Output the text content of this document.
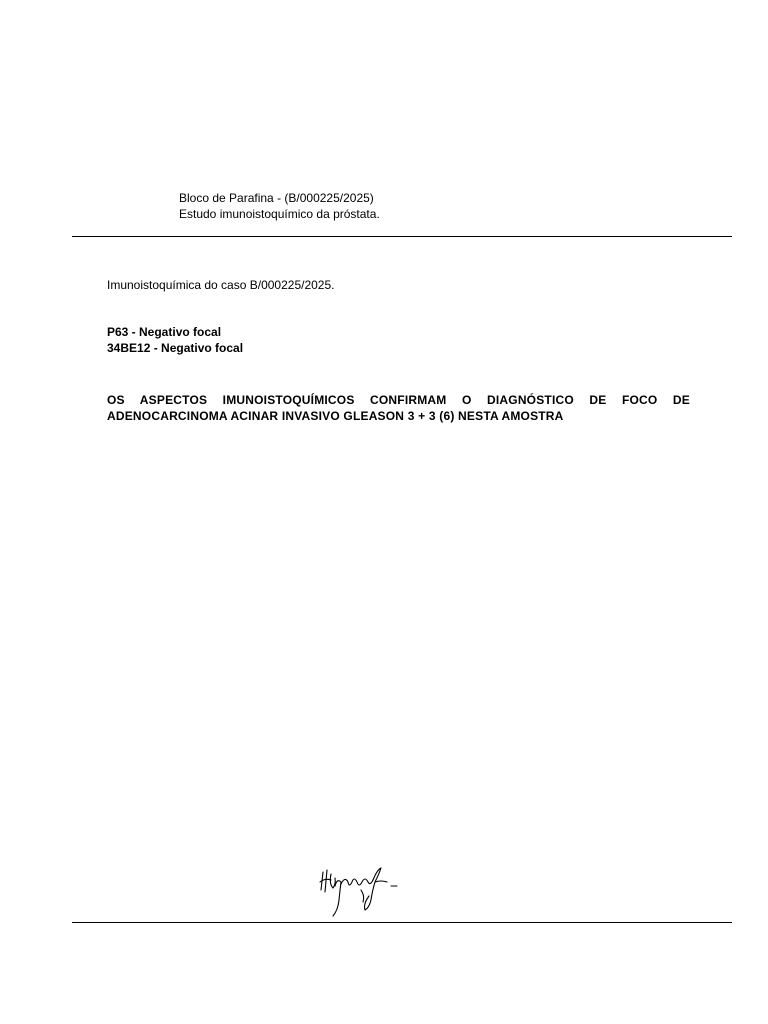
Bloco de Parafina - (B/000225/2025)
Estudo imunoistoquímico da próstata.
Imunoistoquímica do caso B/000225/2025.
P63 - Negativo focal
34BE12 - Negativo focal
OS ASPECTOS IMUNOISTOQUÍMICOS CONFIRMAM O DIAGNÓSTICO DE FOCO DE
ADENOCARCINOMA ACINAR INVASIVO GLEASON 3 + 3 (6) NESTA AMOSTRA
